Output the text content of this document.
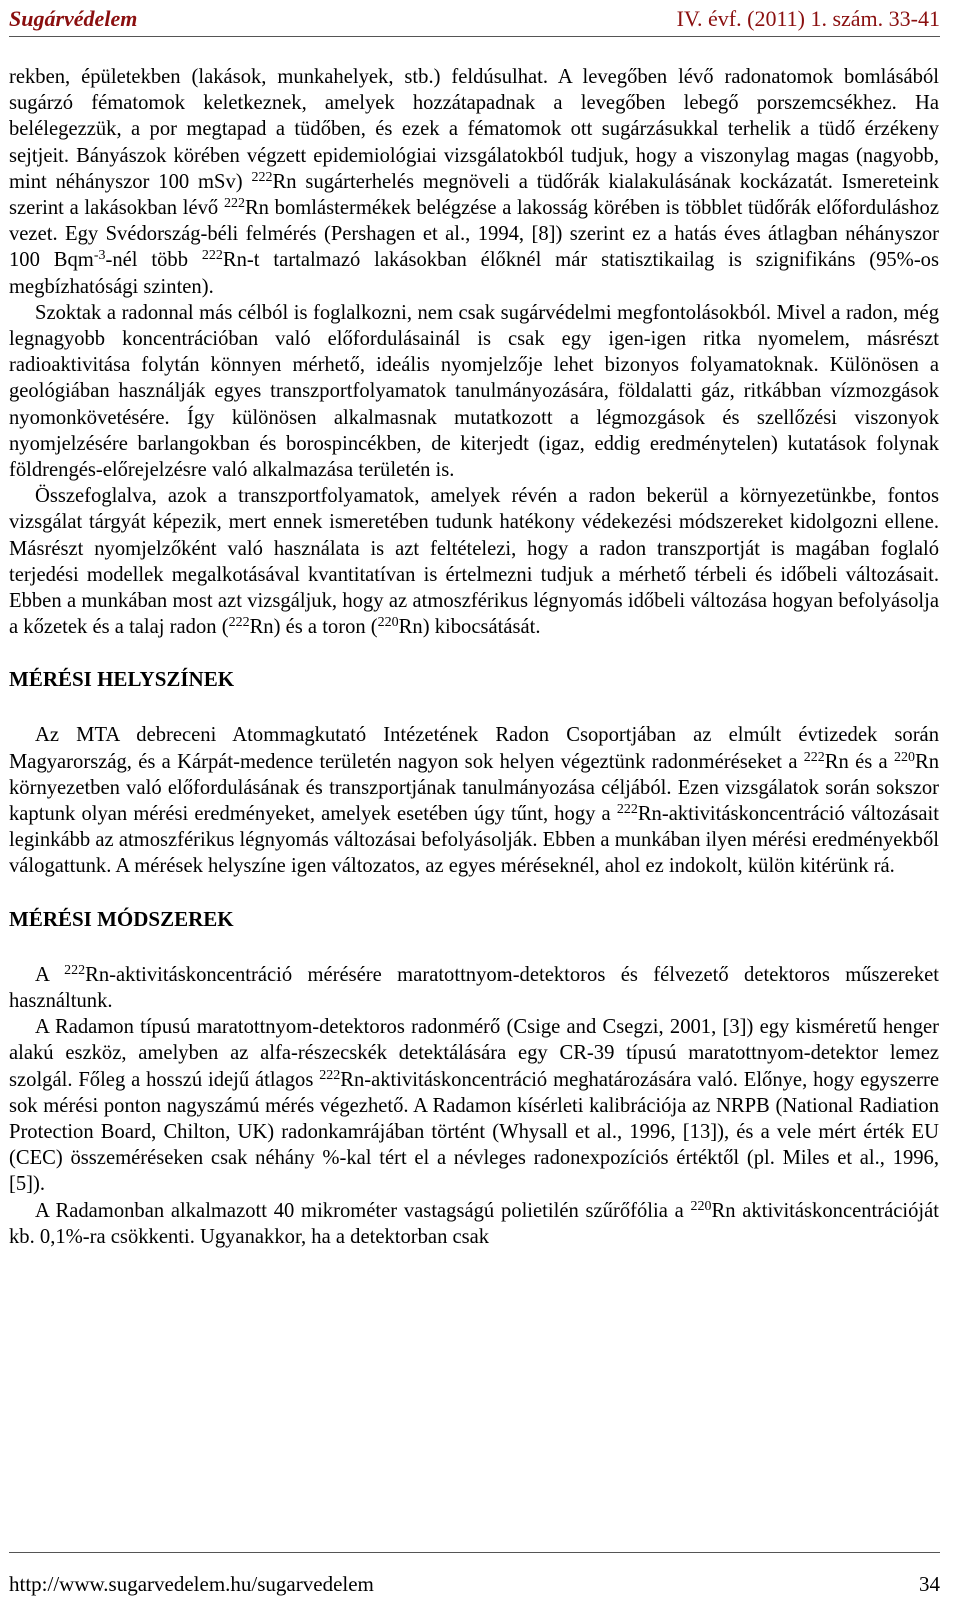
Sugárvédelem	IV. évf. (2011) 1. szám. 33-41

rekben, épületekben (lakások, munkahelyek, stb.) feldúsulhat. A levegőben lévő radonatomok bomlásából sugárzó fématomok keletkeznek, amelyek hozzátapadnak a levegőben lebegő porszemcsékhez. Ha belélegezzük, a por megtapad a tüdőben, és ezek a fématomok ott sugárzásukkal terhelik a tüdő érzékeny sejtjeit. Bányászok körében végzett epidemiológiai vizsgálatokból tudjuk, hogy a viszonylag magas (nagyobb, mint néhányszor 100 mSv) $^{222}$Rn sugárterhelés megnöveli a tüdőrák kialakulásának kockázatát. Ismereteink szerint a lakásokban lévő $^{222}$Rn bomlástermékek belégzése a lakosság körében is többlet tüdőrák előforduláshoz vezet. Egy Svédország-béli felmérés (Pershagen et al., 1994, [8]) szerint ez a hatás éves átlagban néhányszor 100 Bqm$^{-3}$-nél több $^{222}$Rn-t tartalmazó lakásokban élőknél már statisztikailag is szignifikáns (95%-os megbízhatósági szinten).

Szoktak a radonnal más célból is foglalkozni, nem csak sugárvédelmi megfontolásokból. Mivel a radon, még legnagyobb koncentrációban való előfordulásainál is csak egy igen-igen ritka nyomelem, másrészt radioaktivitása folytán könnyen mérhető, ideális nyomjelzője lehet bizonyos folyamatoknak. Különösen a geológiában használják egyes transzportfolyamatok tanulmányozására, földalatti gáz, ritkábban vízmozgások nyomonkövetésére. Így különösen alkalmasnak mutatkozott a légmozgások és szellőzési viszonyok nyomjelzésére barlangokban és borospincékben, de kiterjedt (igaz, eddig eredménytelen) kutatások folynak földrengés-előrejelzésre való alkalmazása területén is.

Összefoglalva, azok a transzportfolyamatok, amelyek révén a radon bekerül a környezetünkbe, fontos vizsgálat tárgyát képezik, mert ennek ismeretében tudunk hatékony védekezési módszereket kidolgozni ellene. Másrészt nyomjelzőként való használata is azt feltételezi, hogy a radon transzportját is magában foglaló terjedési modellek megalkotásával kvantitatívan is értelmezni tudjuk a mérhető térbeli és időbeli változásait. Ebben a munkában most azt vizsgáljuk, hogy az atmoszférikus légnyomás időbeli változása hogyan befolyásolja a kőzetek és a talaj radon ($^{222}$Rn) és a toron ($^{220}$Rn) kibocsátását.

MÉRÉSI HELYSZÍNEK

Az MTA debreceni Atommagkutató Intézetének Radon Csoportjában az elmúlt évtizedek során Magyarország, és a Kárpát-medence területén nagyon sok helyen végeztünk radonméréseket a $^{222}$Rn és a $^{220}$Rn környezetben való előfordulásának és transzportjának tanulmányozása céljából. Ezen vizsgálatok során sokszor kaptunk olyan mérési eredményeket, amelyek esetében úgy tűnt, hogy a $^{222}$Rn-aktivitáskoncentráció változásait leginkább az atmoszférikus légnyomás változásai befolyásolják. Ebben a munkában ilyen mérési eredményekből válogattunk. A mérések helyszíne igen változatos, az egyes méréseknél, ahol ez indokolt, külön kitérünk rá.

MÉRÉSI MÓDSZEREK

A $^{222}$Rn-aktivitáskoncentráció mérésére maratottnyom-detektoros és félvezető detektoros műszereket használtunk.

A Radamon típusú maratottnyom-detektoros radonmérő (Csige and Csegzi, 2001, [3]) egy kisméretű henger alakú eszköz, amelyben az alfa-részecskék detektálására egy CR-39 típusú maratottnyom-detektor lemez szolgál. Főleg a hosszú idejű átlagos $^{222}$Rn-aktivitáskoncentráció meghatározására való. Előnye, hogy egyszerre sok mérési ponton nagyszámú mérés végezhető. A Radamon kísérleti kalibrációja az NRPB (National Radiation Protection Board, Chilton, UK) radonkamrájában történt (Whysall et al., 1996, [13]), és a vele mért érték EU (CEC) összeméréseken csak néhány %-kal tért el a névleges radonexpozíciós értéktől (pl. Miles et al., 1996, [5]).

A Radamonban alkalmazott 40 mikrométer vastagságú polietilén szűrőfólia a $^{220}$Rn aktivitáskoncentrációját kb. 0,1%-ra csökkenti. Ugyanakkor, ha a detektorban csak

http://www.sugarvedelem.hu/sugarvedelem	34
